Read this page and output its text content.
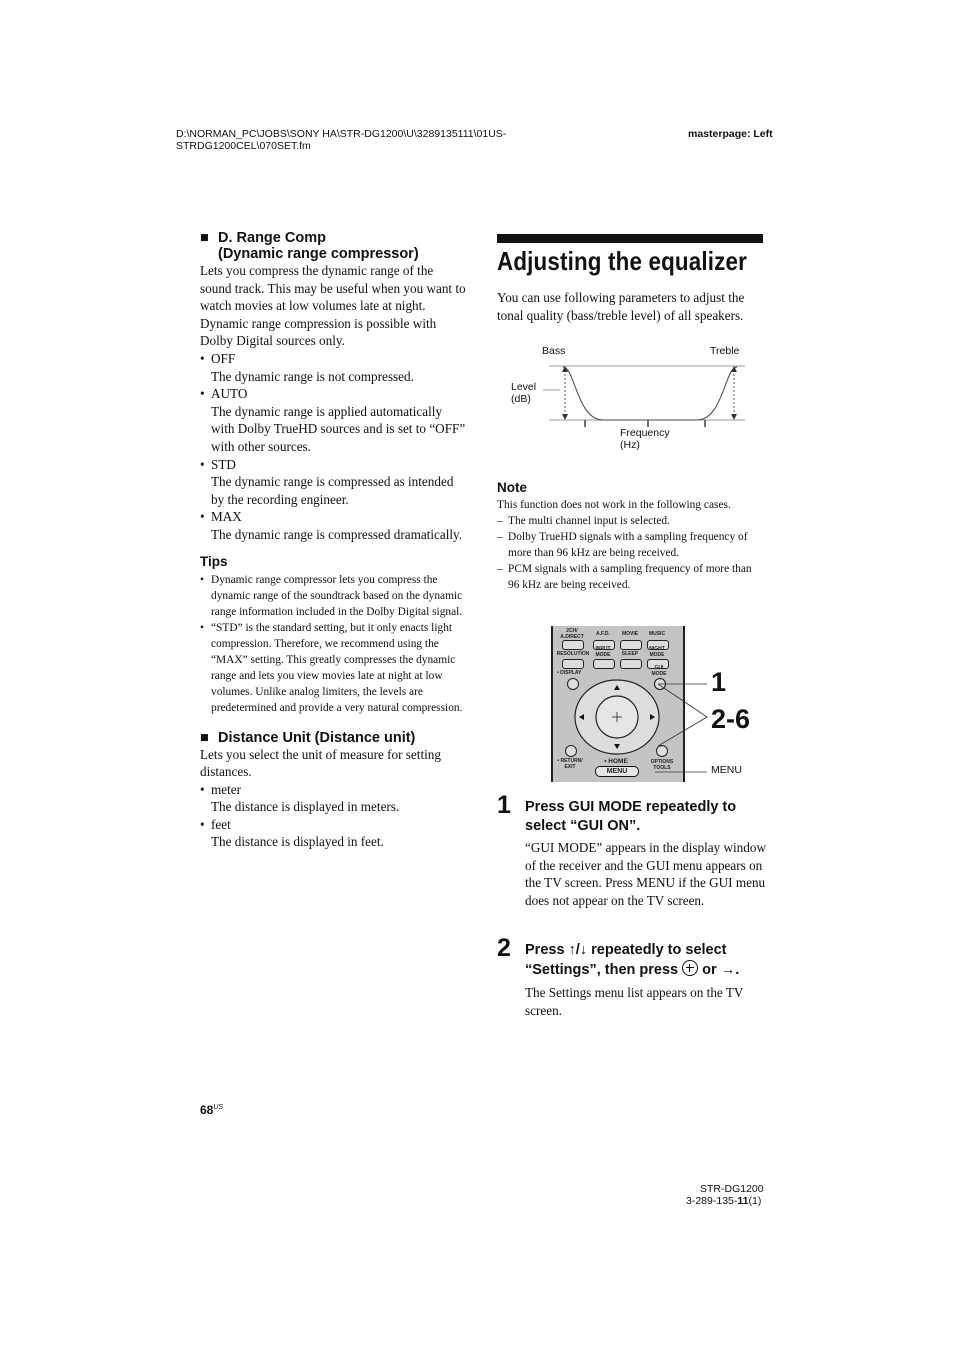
D:\NORMAN_PC\JOBS\SONY HA\STR-DG1200\U\3289135111\01US-
STRDG1200CEL\070SET.fm
masterpage: Left
■ D. Range Comp
(Dynamic range compressor)

Lets you compress the dynamic range of the sound track. This may be useful when you want to watch movies at low volumes late at night. Dynamic range compression is possible with Dolby Digital sources only.

• OFF
The dynamic range is not compressed.
• AUTO
The dynamic range is applied automatically with Dolby TrueHD sources and is set to “OFF” with other sources.
• STD
The dynamic range is compressed as intended by the recording engineer.
• MAX
The dynamic range is compressed dramatically.
Tips
• Dynamic range compressor lets you compress the dynamic range of the soundtrack based on the dynamic range information included in the Dolby Digital signal.
• “STD” is the standard setting, but it only enacts light compression. Therefore, we recommend using the “MAX” setting. This greatly compresses the dynamic range and lets you view movies late at night at low volumes. Unlike analog limiters, the levels are predetermined and provide a very natural compression.
■ Distance Unit (Distance unit)

Lets you select the unit of measure for setting distances.

• meter
The distance is displayed in meters.
• feet
The distance is displayed in feet.
Adjusting the equalizer

You can use following parameters to adjust the tonal quality (bass/treble level) of all speakers.

Bass	Treble
Level
(dB)
Frequency
(Hz)
Note

This function does not work in the following cases.

– The multi channel input is selected.
– Dolby TrueHD signals with a sampling frequency of more than 96 kHz are being received.
– PCM signals with a sampling frequency of more than 96 kHz are being received.
2CH/
A.DIRECT	A.F.D.	MOVIE	MUSIC
RESOLUTION
INPUT
MODE	SLEEP
NIGHT
MODE
• DISPLAY
GUI
MODE
• RETURN/
EXIT
• HOME	OPTIONS
TOOLS
MENU
1
2-6
MENU
1 Press GUI MODE repeatedly to
select “GUI ON”.

“GUI MODE” appears in the display window of the receiver and the GUI menu appears on the TV screen. Press MENU if the GUI menu does not appear on the TV screen.

2 Press ↑/↓ repeatedly to select
“Settings”, then press or →.

The Settings menu list appears on the TV screen.

$68^{US}$
STR-DG1200
3-289-135-11(1)
